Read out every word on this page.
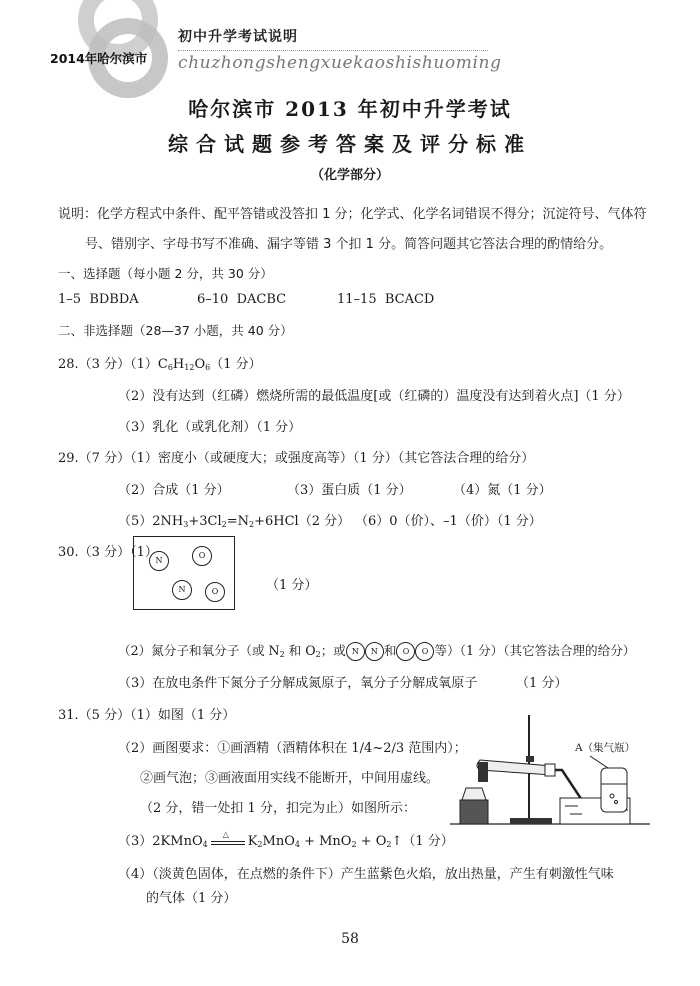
初中升学考试说明
2014年哈尔滨市 chuzhongshengxuekaoshishuoming
哈尔滨市 2013 年初中升学考试
综合试题参考答案及评分标准
（化学部分）
说明：化学方程式中条件、配平答错或没答扣 1 分；化学式、化学名词错误不得分；沉淀符号、气体符
号、错别字、字母书写不准确、漏字等错 3 个扣 1 分。简答问题其它答法合理的酌情给分。
一、选择题（每小题 2 分，共 30 分）
1–5 BDBDA	6–10 DACBC	11–15 BCACD
二、非选择题（28—37 小题，共 40 分）
28.（3 分）$(1)C_6H_{12}O_6(1$ 分）
（2）没有达到（红磷）燃烧所需的最低温度[或（红磷的）温度没有达到着火点]（1 分）
（3）乳化（或乳化剂）（1 分）
29.（7 分）（1）密度小（或硬度大；或强度高等）（1 分）（其它答法合理的给分）
（2）合成（1 分）	（3）蛋白质（1 分）	（4）氮（1 分）
$(5)2NH_3+3Cl_2=N_2+6HCl(2$ 分） （6）0（价）、–1（价）（1 分）
30.（3 分）（1）
N
O
N	O	（1 分）
（2）氮分子和氧分子（或 $N_2$ 和 $O_2$；或 N N 和 O O 等）（1 分）（其它答法合理的给分）
（3）在放电条件下氮分子分解成氮原子，氧分子分解成氧原子	（1 分）
31.（5 分）（1）如图（1 分）
（2）画图要求：①画酒精（酒精体积在 1/4~2/3 范围内）；
②画气泡；③画液面用实线不能断开，中间用虚线。
（2 分，错一处扣 1 分，扣完为止）如图所示：
A（集气瓶）
（3）2KMnO$_4$
△ $K_2MnO_4 + MnO_2$ + $O_2↑(1$ 分）
（4）（淡黄色固体，在点燃的条件下）产生蓝紫色火焰，放出热量，产生有刺激性气味
的气体（1 分）
58
